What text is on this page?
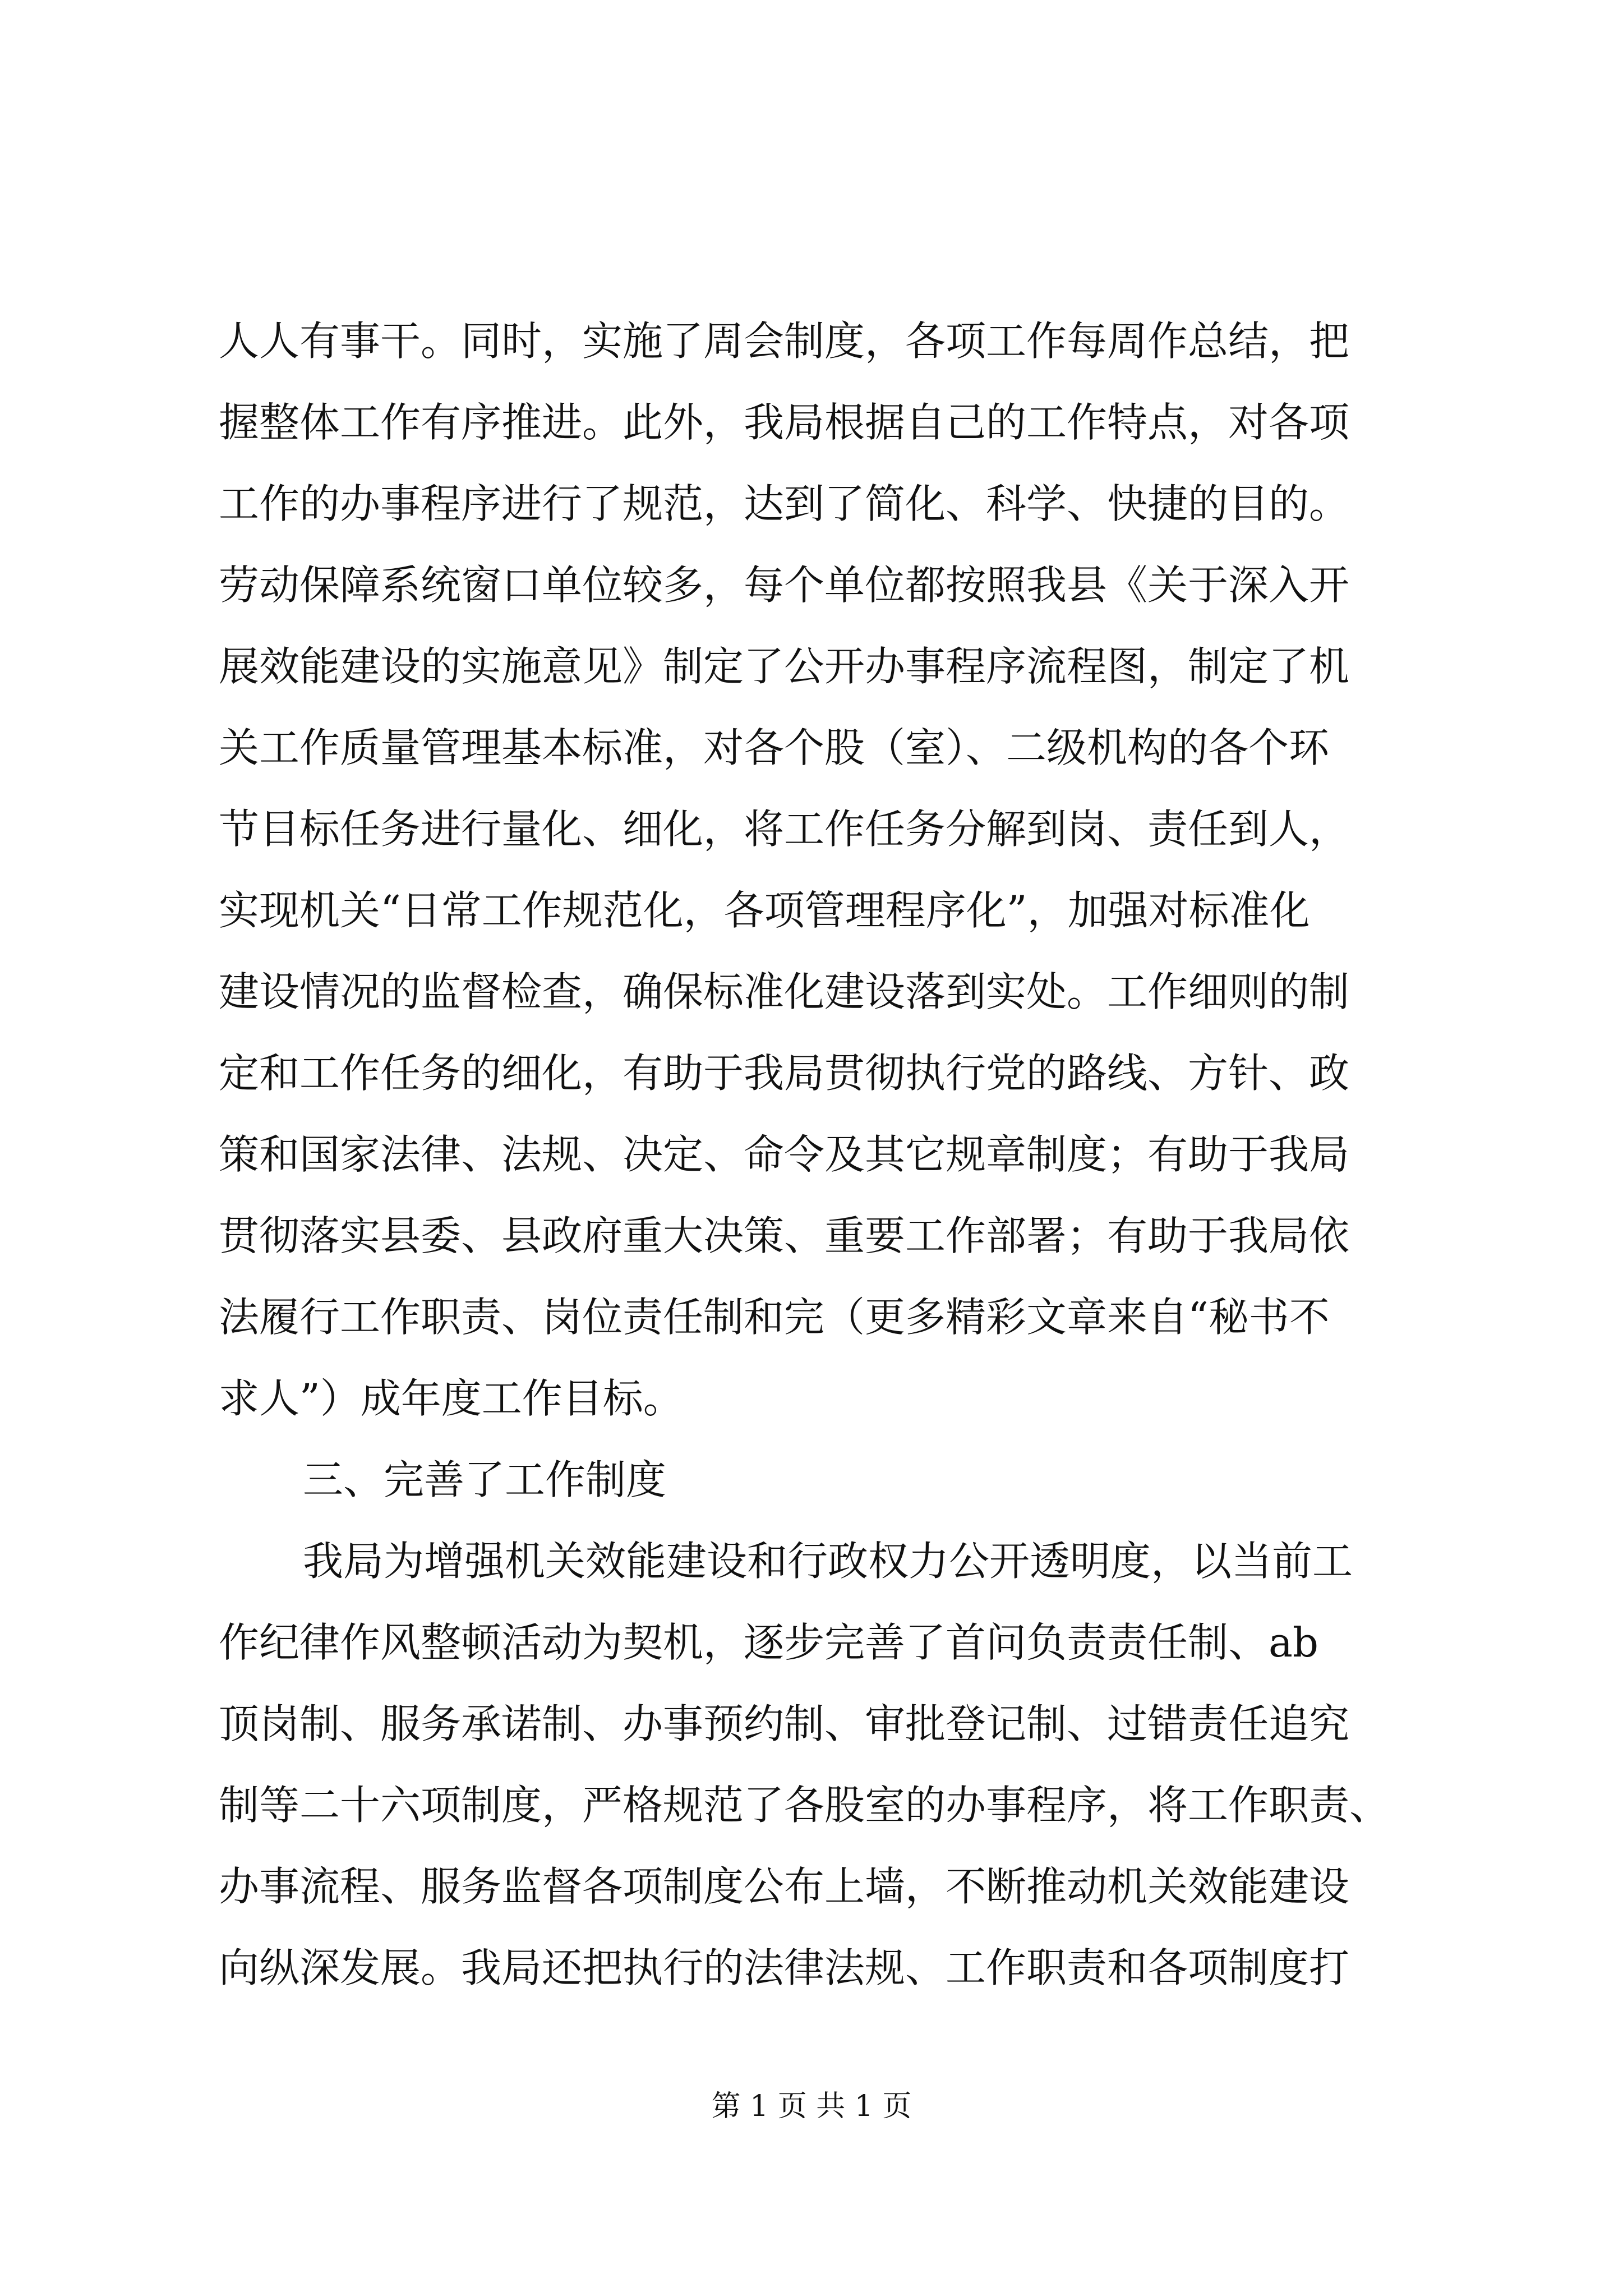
人人有事干。同时，实施了周会制度，各项工作每周作总结，把
握整体工作有序推进。此外，我局根据自己的工作特点，对各项
工作的办事程序进行了规范，达到了简化、科学、快捷的目的。
劳动保障系统窗口单位较多，每个单位都按照我县《关于深入开
展效能建设的实施意见》制定了公开办事程序流程图，制定了机
关工作质量管理基本标准，对各个股（室）、二级机构的各个环
节目标任务进行量化、细化，将工作任务分解到岗、责任到人，
实现机关“日常工作规范化，各项管理程序化”，加强对标准化
建设情况的监督检查，确保标准化建设落到实处。工作细则的制
定和工作任务的细化，有助于我局贯彻执行党的路线、方针、政
策和国家法律、法规、决定、命令及其它规章制度；有助于我局
贯彻落实县委、县政府重大决策、重要工作部署；有助于我局依
法履行工作职责、岗位责任制和完（更多精彩文章来自“秘书不
求人”）成年度工作目标。
三、完善了工作制度
我局为增强机关效能建设和行政权力公开透明度，以当前工
作纪律作风整顿活动为契机，逐步完善了首问负责责任制、ab
顶岗制、服务承诺制、办事预约制、审批登记制、过错责任追究
制等二十六项制度，严格规范了各股室的办事程序，将工作职责、
办事流程、服务监督各项制度公布上墙，不断推动机关效能建设
向纵深发展。我局还把执行的法律法规、工作职责和各项制度打
第 1 页 共 1 页
